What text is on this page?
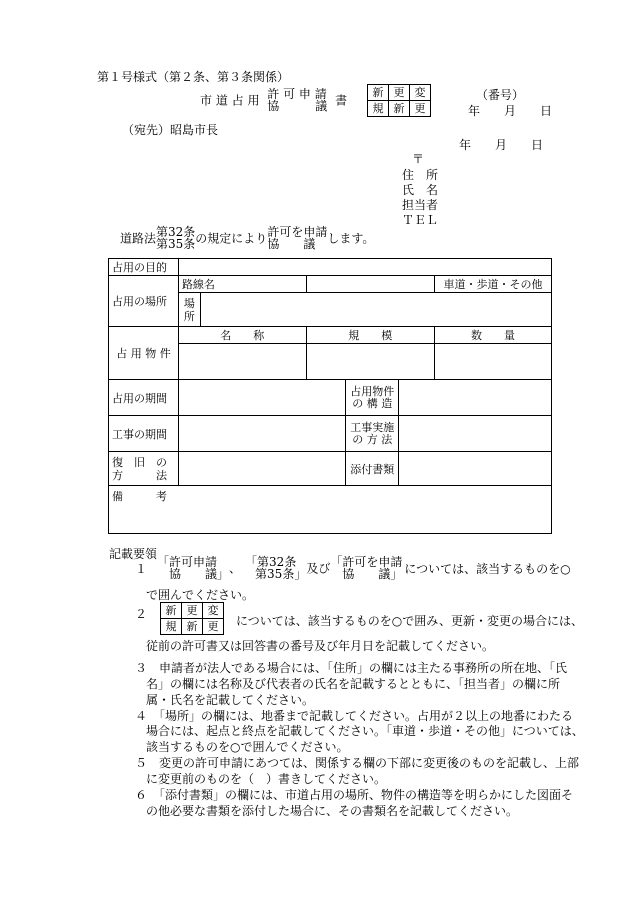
第１号様式（第２条、第３条関係）
市 道 占 用 許 可 申 請
協　　　議 書
新	更	変
規	新	更
（番号）
年　　月　　日
（宛先）昭島市長
年　　月　　日
〒
住　所
氏　名
担当者
ＴＥＬ
道路法 第32条
第35条 の規定により 許可を申請
協　　議	します。
占用の目的						
占用の場所	路線名					車道・歩道・その他
	場
所					
占 用 物 件	名　　称		規　　模			数　　量

占用の期間				占用物件
の 構 造		
工事の期間				工事実施
の 方 法		
復　旧　の
方　　　法				添付書類		
備　　　考						
記載要領
１ 「許可申請
協　　議」 、 「第32条
第35条」 及び 「許可を申請
協　　議」 については、該当するものを○
で囲んでください。
２ 新	更	変
規	新	更 については、該当するものを○で囲み、更新・変更の場合には、
従前の許可書又は回答書の番号及び年月日を記載してください。
３　申請者が法人である場合には、「住所」の欄には主たる事務所の所在地、「氏
名」の欄には名称及び代表者の氏名を記載するとともに、「担当者」の欄に所
属・氏名を記載してください。
４　「場所」の欄には、地番まで記載してください。占用が２以上の地番にわたる
場合には、起点と終点を記載してください。「車道・歩道・その他」については、
該当するものを○で囲んでください。
５　変更の許可申請にあつては、関係する欄の下部に変更後のものを記載し、上部
に変更前のものを（　）書きしてください。
６　「添付書類」の欄には、市道占用の場所、物件の構造等を明らかにした図面そ
の他必要な書類を添付した場合に、その書類名を記載してください。
